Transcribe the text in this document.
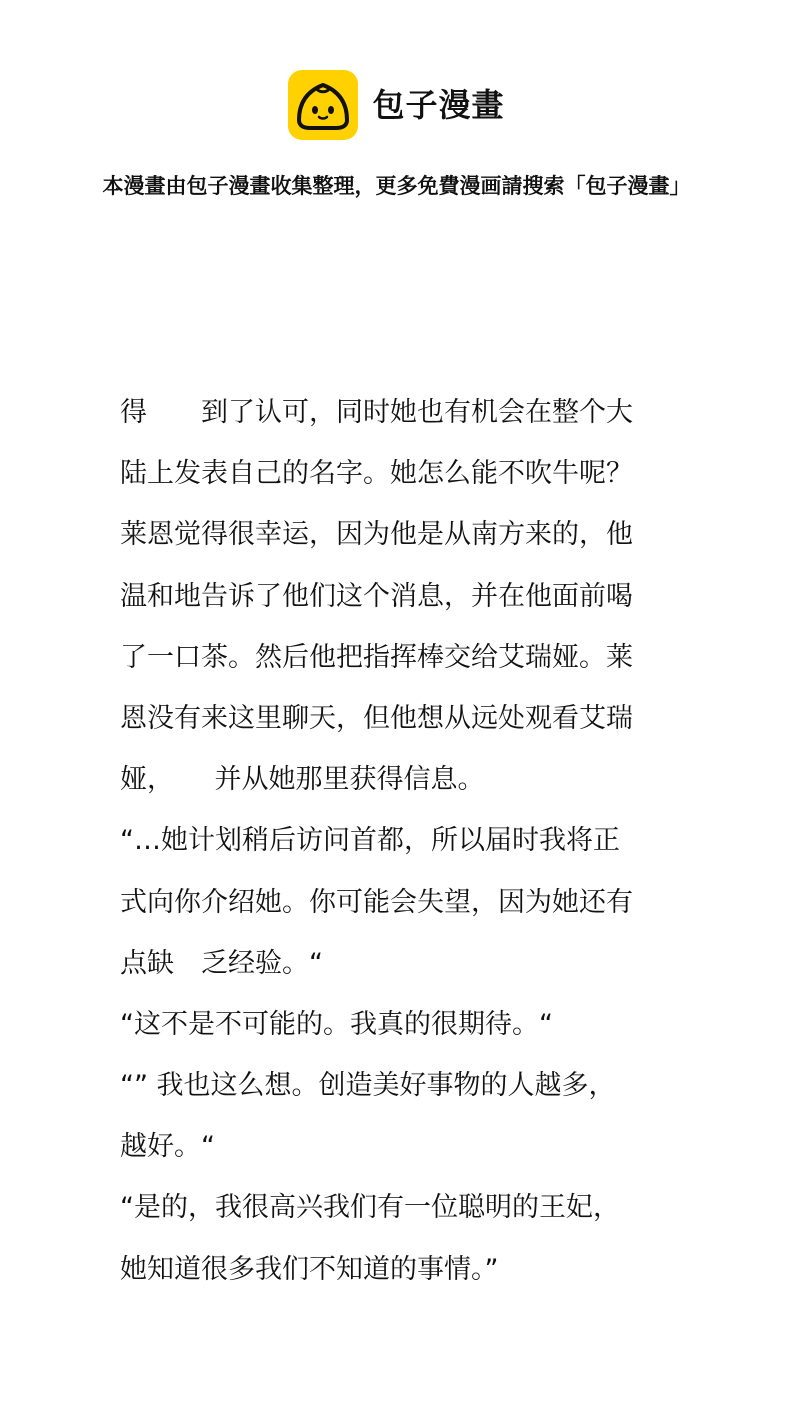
包子漫畫
本漫畫由包子漫畫收集整理，更多免費漫画請搜索「包子漫畫」
得　　到了认可，同时她也有机会在整个大
陆上发表自己的名字。她怎么能不吹牛呢？
莱恩觉得很幸运，因为他是从南方来的，他
温和地告诉了他们这个消息，并在他面前喝
了一口茶。然后他把指挥棒交给艾瑞娅。莱
恩没有来这里聊天，但他想从远处观看艾瑞
娅，　　并从她那里获得信息。
“…她计划稍后访问首都，所以届时我将正
式向你介绍她。你可能会失望，因为她还有
点缺　乏经验。“
“这不是不可能的。我真的很期待。“
“” 我也这么想。创造美好事物的人越多，
越好。“
“是的，我很高兴我们有一位聪明的王妃，
她知道很多我们不知道的事情。”
